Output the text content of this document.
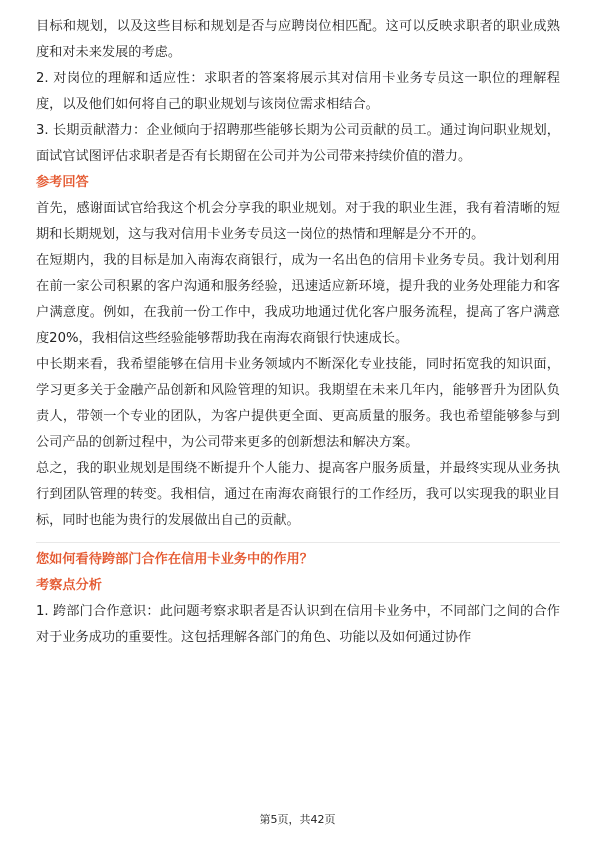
目标和规划，以及这些目标和规划是否与应聘岗位相匹配。这可以反映求职者的职业成熟度和对未来发展的考虑。

2. 对岗位的理解和适应性：求职者的答案将展示其对信用卡业务专员这一职位的理解程度，以及他们如何将自己的职业规划与该岗位需求相结合。

3. 长期贡献潜力：企业倾向于招聘那些能够长期为公司贡献的员工。通过询问职业规划，面试官试图评估求职者是否有长期留在公司并为公司带来持续价值的潜力。

参考回答

首先，感谢面试官给我这个机会分享我的职业规划。对于我的职业生涯，我有着清晰的短期和长期规划，这与我对信用卡业务专员这一岗位的热情和理解是分不开的。

在短期内，我的目标是加入南海农商银行，成为一名出色的信用卡业务专员。我计划利用在前一家公司积累的客户沟通和服务经验，迅速适应新环境，提升我的业务处理能力和客户满意度。例如，在我前一份工作中，我成功地通过优化客户服务流程，提高了客户满意度20%，我相信这些经验能够帮助我在南海农商银行快速成长。

中长期来看，我希望能够在信用卡业务领域内不断深化专业技能，同时拓宽我的知识面，学习更多关于金融产品创新和风险管理的知识。我期望在未来几年内，能够晋升为团队负责人，带领一个专业的团队，为客户提供更全面、更高质量的服务。我也希望能够参与到公司产品的创新过程中，为公司带来更多的创新想法和解决方案。

总之，我的职业规划是围绕不断提升个人能力、提高客户服务质量，并最终实现从业务执行到团队管理的转变。我相信，通过在南海农商银行的工作经历，我可以实现我的职业目标，同时也能为贵行的发展做出自己的贡献。

您如何看待跨部门合作在信用卡业务中的作用？

考察点分析

1. 跨部门合作意识：此问题考察求职者是否认识到在信用卡业务中，不同部门之间的合作对于业务成功的重要性。这包括理解各部门的角色、功能以及如何通过协作

第5页，共42页
